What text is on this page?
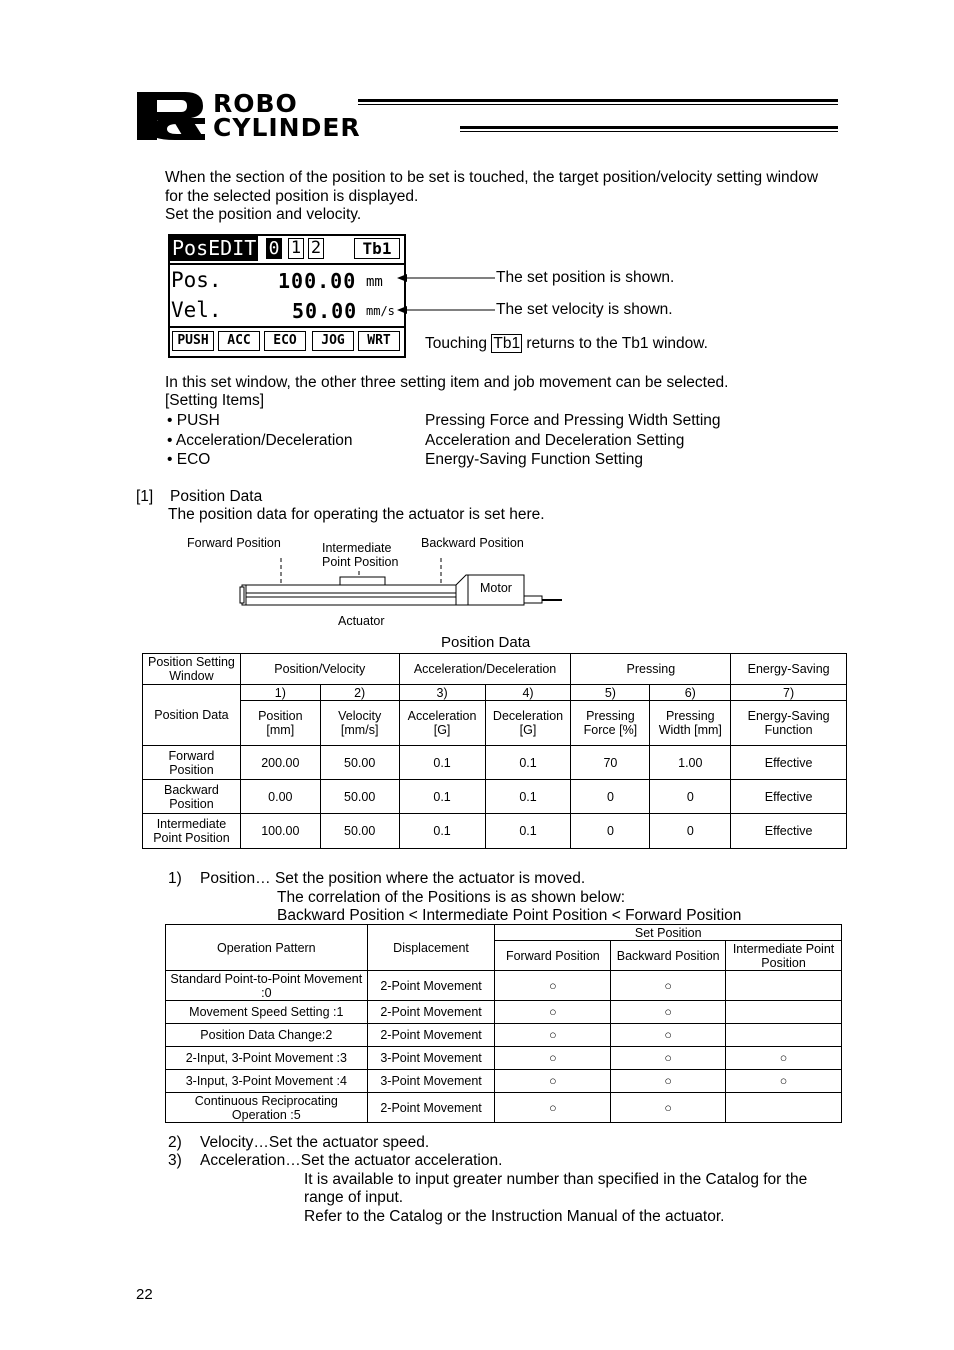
ROBO
CYLINDER
When the section of the position to be set is touched, the target position/velocity setting window
for the selected position is displayed.
Set the position and velocity.
PosEDIT 0 1 2	Tb1
Pos.	100.00 mm
Vel.	50.00 mm/s
PUSH	ACC	ECO	JOG	WRT
The set position is shown.
The set velocity is shown.
Touching Tb1 returns to the Tb1 window.
In this set window, the other three setting item and job movement can be selected.
[Setting Items]
• PUSH	Pressing Force and Pressing Width Setting
• Acceleration/Deceleration	Acceleration and Deceleration Setting
• ECO	Energy-Saving Function Setting
[1] Position Data
The position data for operating the actuator is set here.
Forward Position	Intermediate
Point Position
Backward Position
Motor
Actuator
Position Data
Position Setting Window	Position/Velocity		Acceleration/Deceleration		Pressing		Energy-Saving
Position Data	1)	2)	3)	4)	5)	6)	7)
	Position [mm]	Velocity [mm/s]	Acceleration [G]	Deceleration [G]	Pressing Force [%]	Pressing Width [mm]	Energy-Saving Function
Forward Position	200.00	50.00	0.1	0.1	70	1.00	Effective
Backward Position	0.00	50.00	0.1	0.1	0	0	Effective
Intermediate Point Position	100.00	50.00	0.1	0.1	0	0	Effective
1) Position… Set the position where the actuator is moved.
The correlation of the Positions is as shown below:
Backward Position < Intermediate Point Position < Forward Position
Operation Pattern	Displacement	Set Position		
		Forward Position	Backward Position	Intermediate Point Position
Standard Point-to-Point Movement :0	2-Point Movement	○	○	
Movement Speed Setting :1	2-Point Movement	○	○	
Position Data Change:2	2-Point Movement	○	○	
2-Input, 3-Point Movement :3	3-Point Movement	○	○	○
3-Input, 3-Point Movement :4	3-Point Movement	○	○	○
Continuous Reciprocating Operation :5	2-Point Movement	○	○	
2) Velocity…Set the actuator speed.
3) Acceleration…Set the actuator acceleration.
It is available to input greater number than specified in the Catalog for the
range of input.
Refer to the Catalog or the Instruction Manual of the actuator.
22
